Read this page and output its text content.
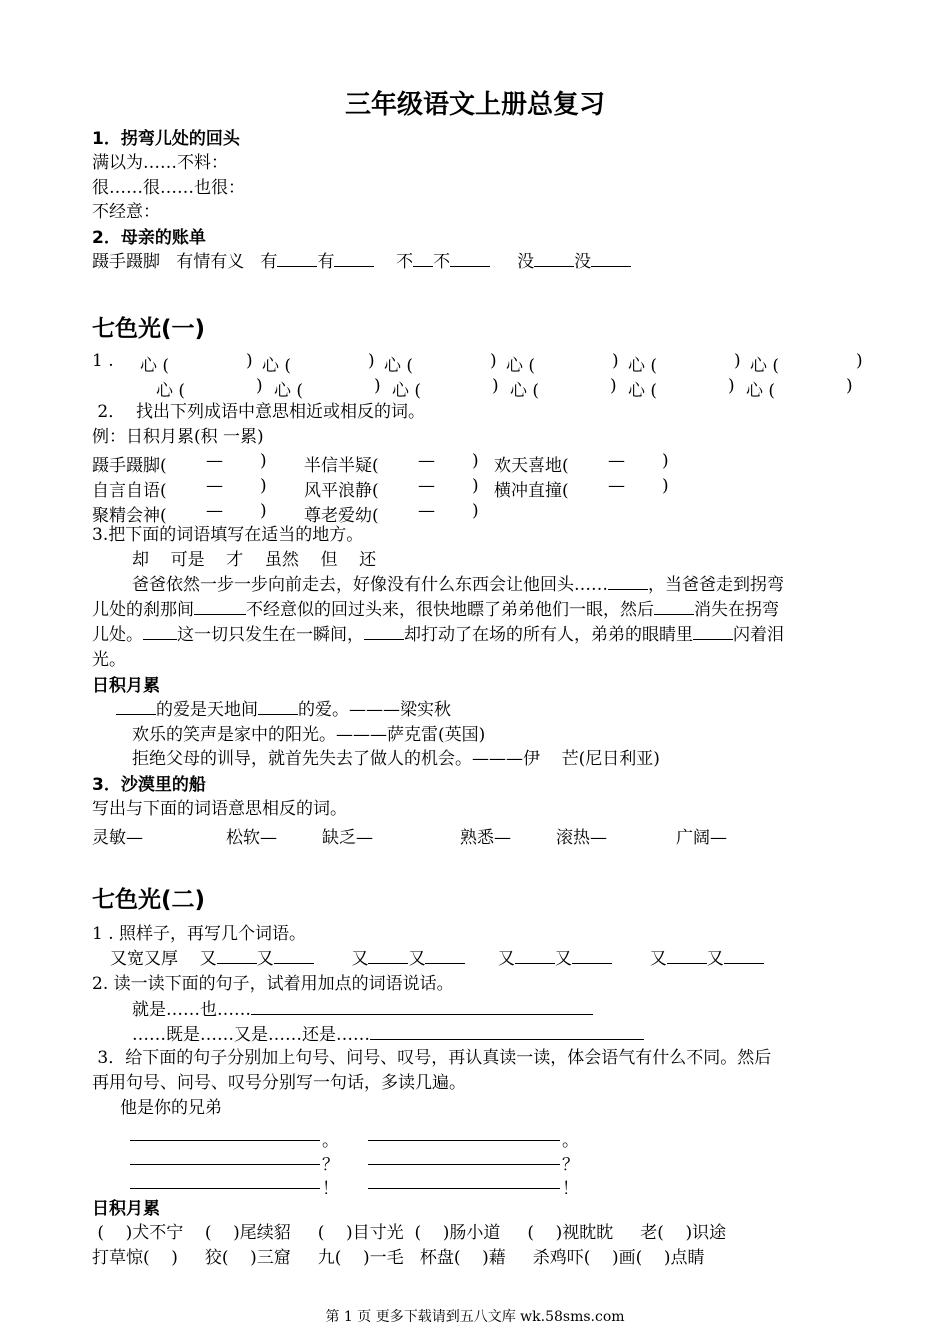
三年级语文上册总复习
1．拐弯儿处的回头
满以为……不料：
很……很……也很：
不经意：
2．母亲的账单
蹑手蹑脚 有情有义 有 有	不 不	没 没
七色光(一)
1 . 心 (	) 心 (	) 心 (	) 心 (	) 心 (	) 心 (	)
心 (	) 心 (	) 心 (	) 心 (	) 心 (	) 心 (	)
2．  找出下列成语中意思相近或相反的词。
例：日积月累(积 一累)
蹑手蹑脚( — ) 半信半疑( — ) 欢天喜地( — )
自言自语( — ) 风平浪静( — ) 横冲直撞( — )
聚精会神( — ) 尊老爱幼( — )
3.把下面的词语填写在适当的地方。
却    可是    才    虽然    但    还
爸爸依然一步一步向前走去，好像没有什么东西会让他回头…… ，当爸爸走到拐弯
儿处的刹那间	不经意似的回过头来，很快地瞟了弟弟他们一眼，然后 消失在拐弯
儿处。 这一切只发生在一瞬间， 却打动了在场的所有人，弟弟的眼睛里 闪着泪
光。
日积月累
的爱是天地间 的爱。———梁实秋
欢乐的笑声是家中的阳光。———萨克雷(英国)
拒绝父母的训导，就首先失去了做人的机会。———伊    芒(尼日利亚)
3．沙漠里的船
写出与下面的词语意思相反的词。
灵敏—	松软—	缺乏—	熟悉—	滚热—	广阔—
七色光(二)
1 . 照样子，再写几个词语。
又宽又厚 又 又	又 又	又 又	又 又
2. 读一读下面的句子，试着用加点的词语说话。
就是……也……
……既是……又是……还是……
3．给下面的句子分别加上句号、问号、叹号，再认真读一读，体会语气有什么不同。然后
再用句号、问号、叹号分别写一句话，多读几遍。
他是你的兄弟
。	。
？	？
！	！
日积月累
(    )犬不宁    (    )尾续貂     (    )目寸光  (    )肠小道     (    )视眈眈     老(    )识途
打草惊(    )     狡(    )三窟     九(    )一毛   杯盘(    )藉     杀鸡吓(    )画(    )点睛
第 1 页 更多下载请到五八文库 wk.58sms.com
